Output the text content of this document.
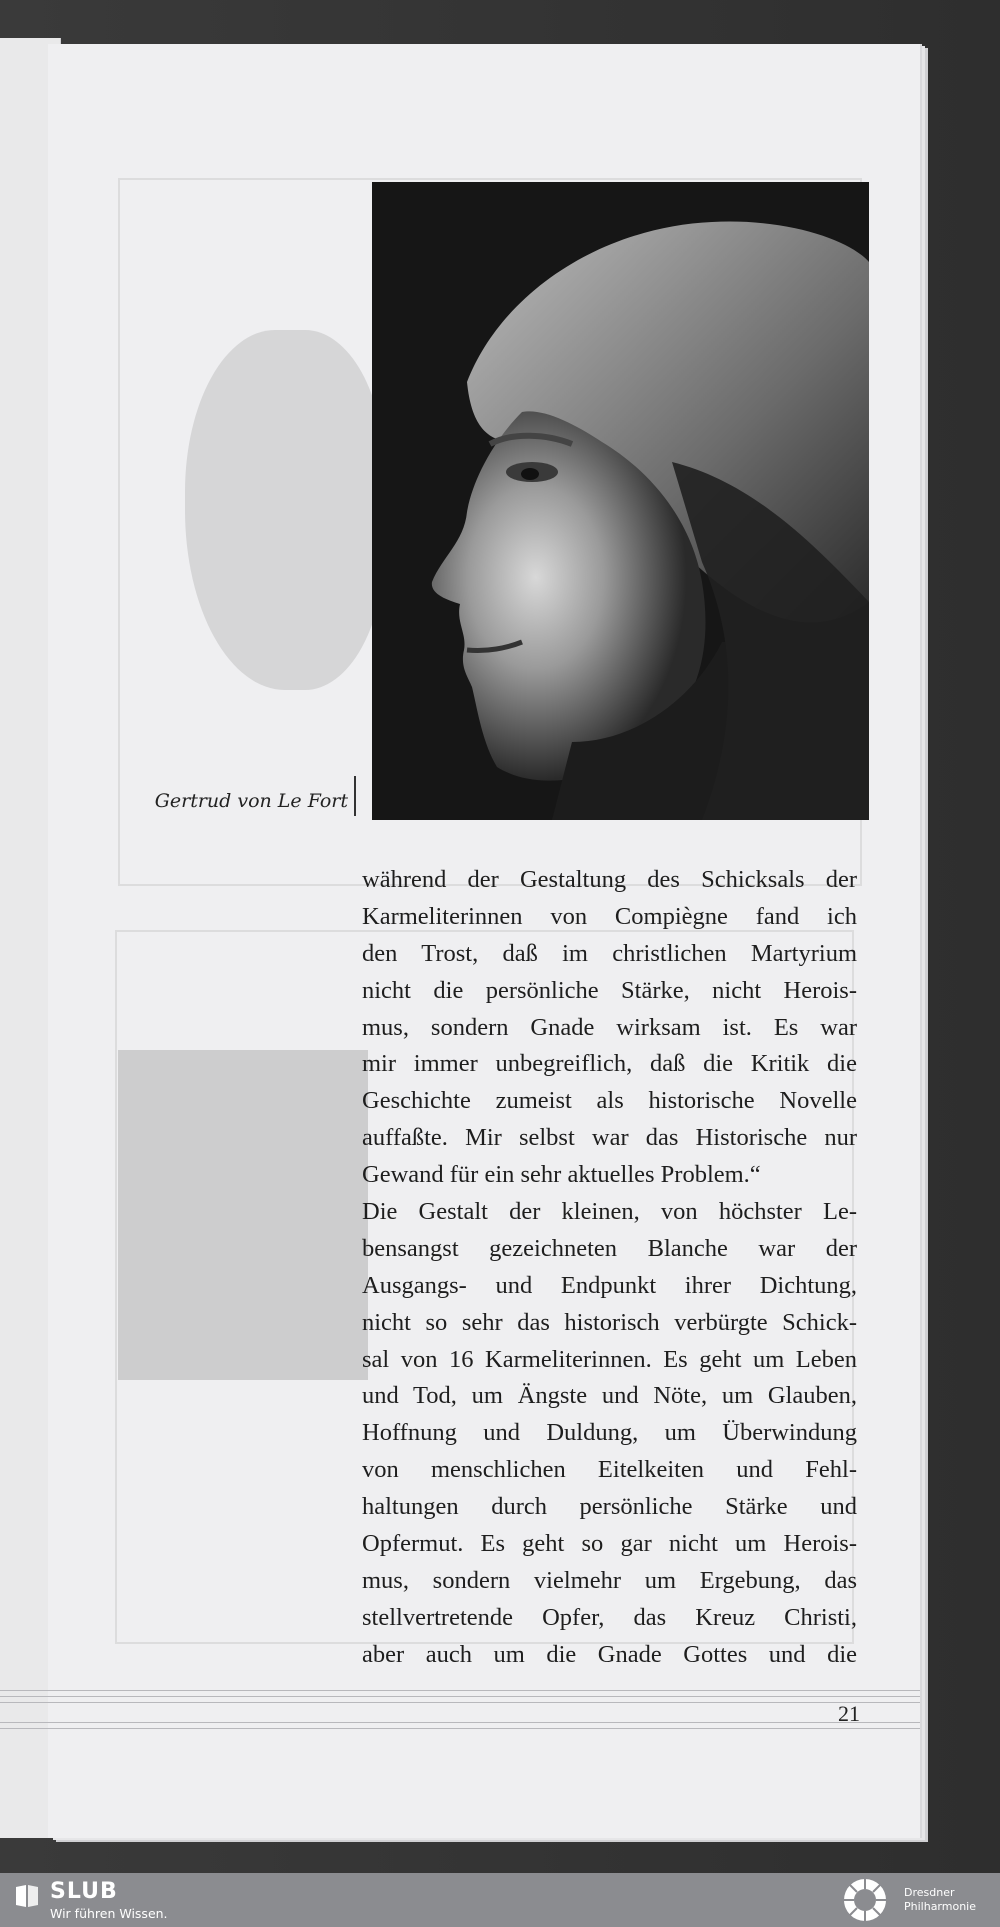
Gertrud von Le Fort
während der Gestaltung des Schicksals der
Karmeliterinnen von Compiègne fand ich
den Trost, daß im christlichen Martyrium
nicht die persönliche Stärke, nicht Herois-
mus, sondern Gnade wirksam ist. Es war
mir immer unbegreiflich, daß die Kritik die
Geschichte zumeist als historische Novelle
auffaßte. Mir selbst war das Historische nur
Gewand für ein sehr aktuelles Problem.“
Die Gestalt der kleinen, von höchster Le-
bensangst gezeichneten Blanche war der
Ausgangs- und Endpunkt ihrer Dichtung,
nicht so sehr das historisch verbürgte Schick-
sal von 16 Karmeliterinnen. Es geht um Leben
und Tod, um Ängste und Nöte, um Glauben,
Hoffnung und Duldung, um Überwindung
von menschlichen Eitelkeiten und Fehl-
haltungen durch persönliche Stärke und
Opfermut. Es geht so gar nicht um Herois-
mus, sondern vielmehr um Ergebung, das
stellvertretende Opfer, das Kreuz Christi,
aber auch um die Gnade Gottes und die
21
SLUB
Wir führen Wissen.
Dresdner
Philharmonie
